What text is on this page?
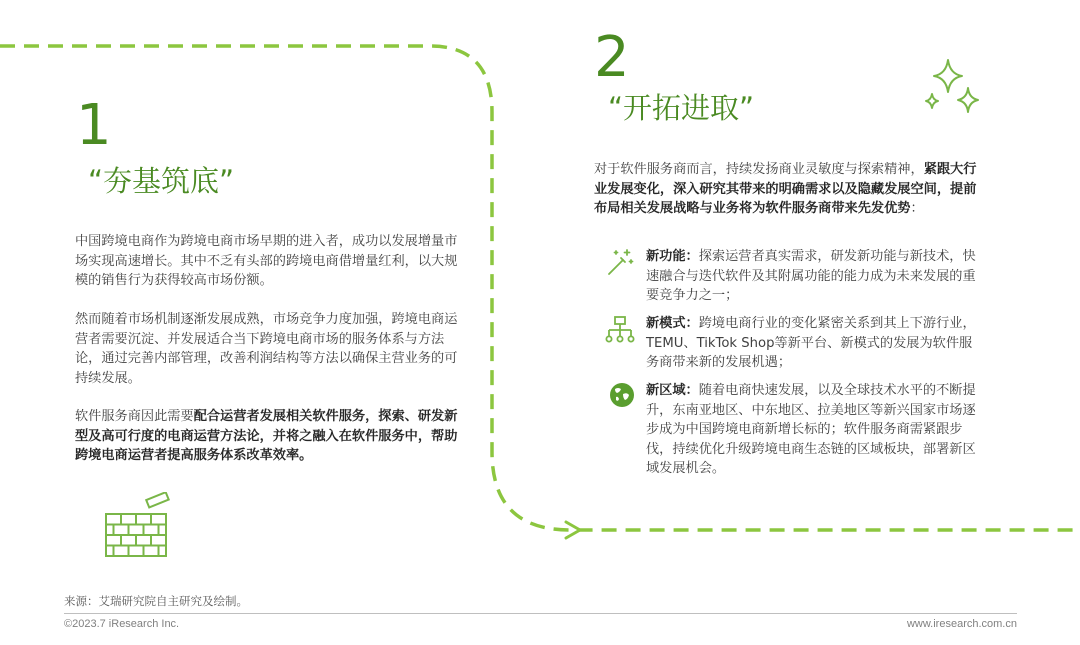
1
“夯基筑底”

中国跨境电商作为跨境电商市场早期的进入者，成功以发展增量市场实现高速增长。其中不乏有头部的跨境电商借增量红利，以大规模的销售行为获得较高市场份额。

然而随着市场机制逐渐发展成熟，市场竞争力度加强，跨境电商运营者需要沉淀、并发展适合当下跨境电商市场的服务体系与方法论，通过完善内部管理，改善利润结构等方法以确保主营业务的可持续发展。

软件服务商因此需要配合运营者发展相关软件服务，探索、研发新型及高可行度的电商运营方法论，并将之融入在软件服务中，帮助跨境电商运营者提高服务体系改革效率。

2
“开拓进取”

对于软件服务商而言，持续发扬商业灵敏度与探索精神，紧跟大行业发展变化，深入研究其带来的明确需求以及隐藏发展空间，提前布局相关发展战略与业务将为软件服务商带来先发优势：

新功能：探索运营者真实需求，研发新功能与新技术，快速融合与迭代软件及其附属功能的能力成为未来发展的重要竞争力之一；
新模式：跨境电商行业的变化紧密关系到其上下游行业，TEMU、TikTok Shop等新平台、新模式的发展为软件服务商带来新的发展机遇；
新区域：随着电商快速发展，以及全球技术水平的不断提升，东南亚地区、中东地区、拉美地区等新兴国家市场逐步成为中国跨境电商新增长标的；软件服务商需紧跟步伐，持续优化升级跨境电商生态链的区域板块，部署新区域发展机会。
来源：艾瑞研究院自主研究及绘制。
©2023.7 iResearch Inc.	www.iresearch.com.cn
